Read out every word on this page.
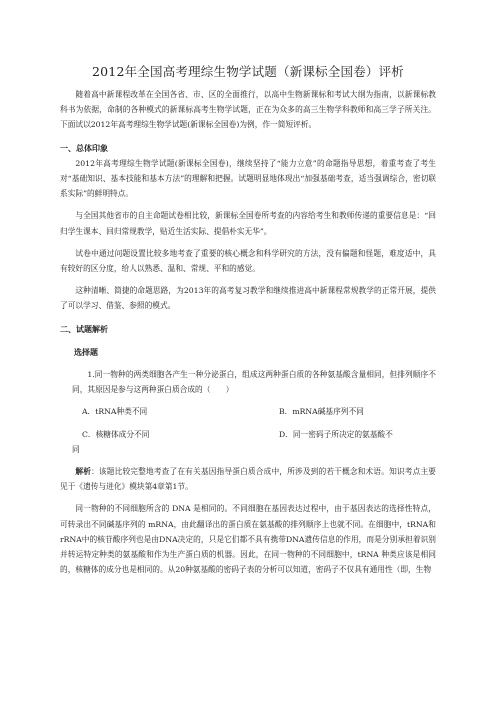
2012年全国高考理综生物学试题（新课标全国卷）评析

随着高中新课程改革在全国各省、市、区的全面推行，以高中生物新课标和考试大纲为指南，以新课标教科书为依据，命制的各种模式的新课标高考生物学试题，正在为众多的高三生物学科教师和高三学子所关注。下面试以2012年高考理综生物学试题(新课标全国卷)为例，作一简短评析。

一、总体印象

2012年高考理综生物学试题(新课标全国卷)，继续坚持了“能力立意”的命题指导思想，着重考查了考生对“基础知识、基本技能和基本方法”的理解和把握。试题明显地体现出“加强基础考查，适当强调综合，密切联系实际”的鲜明特点。

与全国其他省市的自主命题试卷相比较，新课标全国卷所考查的内容给考生和教师传递的重要信息是：“回归学生课本、回归常规教学，贴近生活实际、提倡朴实无华”。

试卷中通过问题设置比较多地考查了重要的核心概念和科学研究的方法，没有偏题和怪题，难度适中，具有较好的区分度，给人以熟悉、温和、常规、平和的感觉。

这种清晰、简捷的命题思路，为2013年的高考复习教学和继续推进高中新课程常规教学的正常开展，提供了可以学习、借鉴、参照的模式。

二、试题解析
选择题

1.同一物种的两类细胞各产生一种分泌蛋白，组成这两种蛋白质的各种氨基酸含量相同，但排列顺序不同，其原因是参与这两种蛋白质合成的（　　）

A．tRNA种类不同	B．mRNA碱基序列不同
C．核糖体成分不同	D．同一密码子所决定的氨基酸不
同

解析：该题比较完整地考查了在有关基因指导蛋白质合成中，所涉及到的若干概念和术语。知识考点主要见于《遗传与进化》模块第4章第1节。

同一物种的不同细胞所含的 DNA 是相同的。不同细胞在基因表达过程中，由于基因表达的选择性特点，可转录出不同碱基序列的 mRNA，由此翻译出的蛋白质在氨基酸的排列顺序上也就不同。在细胞中，tRNA和rRNA中的核苷酸序列也是由DNA决定的，只是它们都不具有携带DNA遗传信息的作用，而是分别承担着识别并转运特定种类的氨基酸和作为生产蛋白质的机器。因此，在同一物种的不同细胞中，tRNA 种类应该是相同的，核糖体的成分也是相同的。从20种氨基酸的密码子表的分析可以知道，密码子不仅具有通用性（即，生物
